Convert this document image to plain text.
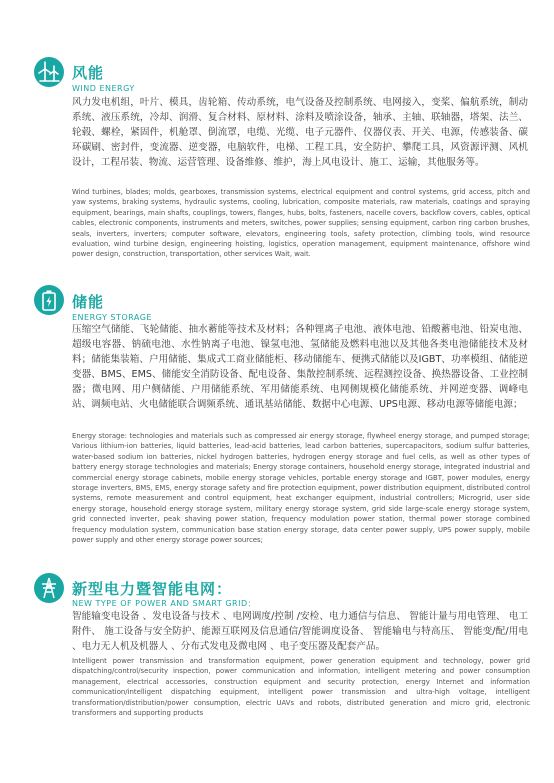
风能
WIND ENERGY
风力发电机组，叶片、模具，齿轮箱、传动系统，电气设备及控制系统、电网接入，变桨、偏航系统，制动系统、液压系统，冷却、润滑、复合材料、原材料、涂料及喷涂设备，轴承、主轴、联轴器，塔架、法兰、轮毂、螺栓，紧固件，机舱罩、倒流罩，电缆、光缆、电子元器件、仪器仪表、开关、电源，传感装备、碳环碳刷、密封件，变流器、逆变器，电脑软件，电梯、工程工具，安全防护、攀爬工具，风资源评测、风机设计，工程吊装、物流、运营管理、设备维修、维护，海上风电设计、施工、运输，其他服务等。
Wind turbines, blades; molds, gearboxes, transmission systems, electrical equipment and control systems, grid access, pitch and yaw systems, braking systems, hydraulic systems, cooling, lubrication, composite materials, raw materials, coatings and spraying equipment, bearings, main shafts, couplings, towers, flanges, hubs, bolts, fasteners, nacelle covers, backflow covers, cables, optical cables, electronic components, instruments and meters, switches, power supplies; sensing equipment, carbon ring carbon brushes, seals, inverters, inverters; computer software, elevators, engineering tools, safety protection, climbing tools, wind resource evaluation, wind turbine design, engineering hoisting, logistics, operation management, equipment maintenance, offshore wind power design, construction, transportation, other services Wait, wait.
储能
ENERGY STORAGE
压缩空气储能、飞轮储能、抽水蓄能等技术及材料；各种锂离子电池、液体电池、铅酸蓄电池、铅炭电池、超级电容器、钠硫电池、水性钠离子电池、镍氢电池、氢储能及燃料电池以及其他各类电池储能技术及材料；储能集装箱、户用储能、集成式工商业储能柜、移动储能车、便携式储能以及IGBT、功率模组、储能逆变器、BMS、EMS、储能安全消防设备、配电设备、集散控制系统、远程测控设备、换热器设备、工业控制器；微电网、用户侧储能、户用储能系统、军用储能系统、电网侧规模化储能系统、并网逆变器、调峰电站、调频电站、火电储能联合调频系统、通讯基站储能、数据中心电源、UPS电源、移动电源等储能电源；
Energy storage: technologies and materials such as compressed air energy storage, flywheel energy storage, and pumped storage; Various lithium-ion batteries, liquid batteries, lead-acid batteries, lead carbon batteries, supercapacitors, sodium sulfur batteries, water-based sodium ion batteries, nickel hydrogen batteries, hydrogen energy storage and fuel cells, as well as other types of battery energy storage technologies and materials; Energy storage containers, household energy storage, integrated industrial and commercial energy storage cabinets, mobile energy storage vehicles, portable energy storage and IGBT, power modules, energy storage inverters, BMS, EMS, energy storage safety and fire protection equipment, power distribution equipment, distributed control systems, remote measurement and control equipment, heat exchanger equipment, industrial controllers; Microgrid, user side energy storage, household energy storage system, military energy storage system, grid side large-scale energy storage system, grid connected inverter, peak shaving power station, frequency modulation power station, thermal power storage combined frequency modulation system, communication base station energy storage, data center power supply, UPS power supply, mobile power supply and other energy storage power sources;
新型电力暨智能电网：
NEW TYPE OF POWER AND SMART GRID：
智能输变电设备 、发电设备与技术 、电网调度/控制 /安检、电力通信与信息、 智能计量与用电管理、 电工附件、 施工设备与安全防护、能源互联网及信息通信/智能调度设备、 智能输电与特高压、 智能变/配/用电 、电力无人机及机器人 、分布式发电及微电网 、电子变压器及配套产品。
Intelligent power transmission and transformation equipment, power generation equipment and technology, power grid dispatching/control/security inspection, power communication and information, intelligent metering and power consumption management, electrical accessories, construction equipment and security protection, energy Internet and information communication/intelligent dispatching equipment, intelligent power transmission and ultra-high voltage, intelligent transformation/distribution/power consumption, electric UAVs and robots, distributed generation and micro grid, electronic transformers and supporting products
